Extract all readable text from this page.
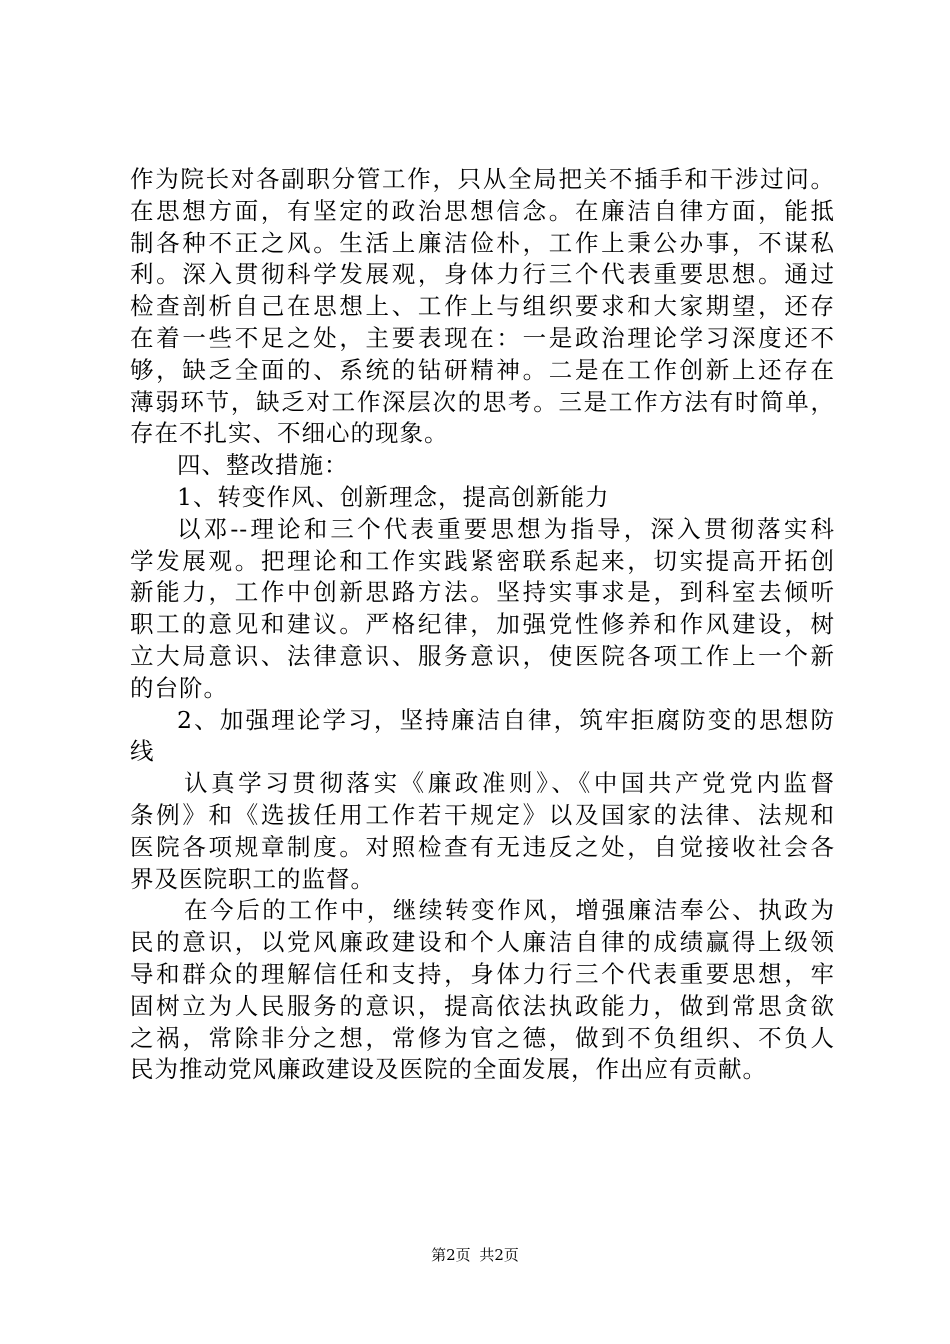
作为院长对各副职分管工作，只从全局把关不插手和干涉过问。
在思想方面，有坚定的政治思想信念。在廉洁自律方面，能抵
制各种不正之风。生活上廉洁俭朴，工作上秉公办事，不谋私
利。深入贯彻科学发展观，身体力行三个代表重要思想。通过
检查剖析自己在思想上、工作上与组织要求和大家期望，还存
在着一些不足之处，主要表现在：一是政治理论学习深度还不
够，缺乏全面的、系统的钻研精神。二是在工作创新上还存在
薄弱环节，缺乏对工作深层次的思考。三是工作方法有时简单，
存在不扎实、不细心的现象。
四、整改措施：
1、转变作风、创新理念，提高创新能力
以邓--理论和三个代表重要思想为指导，深入贯彻落实科
学发展观。把理论和工作实践紧密联系起来，切实提高开拓创
新能力，工作中创新思路方法。坚持实事求是，到科室去倾听
职工的意见和建议。严格纪律，加强党性修养和作风建设，树
立大局意识、法律意识、服务意识，使医院各项工作上一个新
的台阶。
2、加强理论学习，坚持廉洁自律，筑牢拒腐防变的思想防
线
认真学习贯彻落实《廉政准则》、《中国共产党党内监督
条例》和《选拔任用工作若干规定》以及国家的法律、法规和
医院各项规章制度。对照检查有无违反之处，自觉接收社会各
界及医院职工的监督。
在今后的工作中，继续转变作风，增强廉洁奉公、执政为
民的意识，以党风廉政建设和个人廉洁自律的成绩赢得上级领
导和群众的理解信任和支持，身体力行三个代表重要思想，牢
固树立为人民服务的意识，提高依法执政能力，做到常思贪欲
之祸，常除非分之想，常修为官之德，做到不负组织、不负人
民为推动党风廉政建设及医院的全面发展，作出应有贡献。
第2页 共2页
